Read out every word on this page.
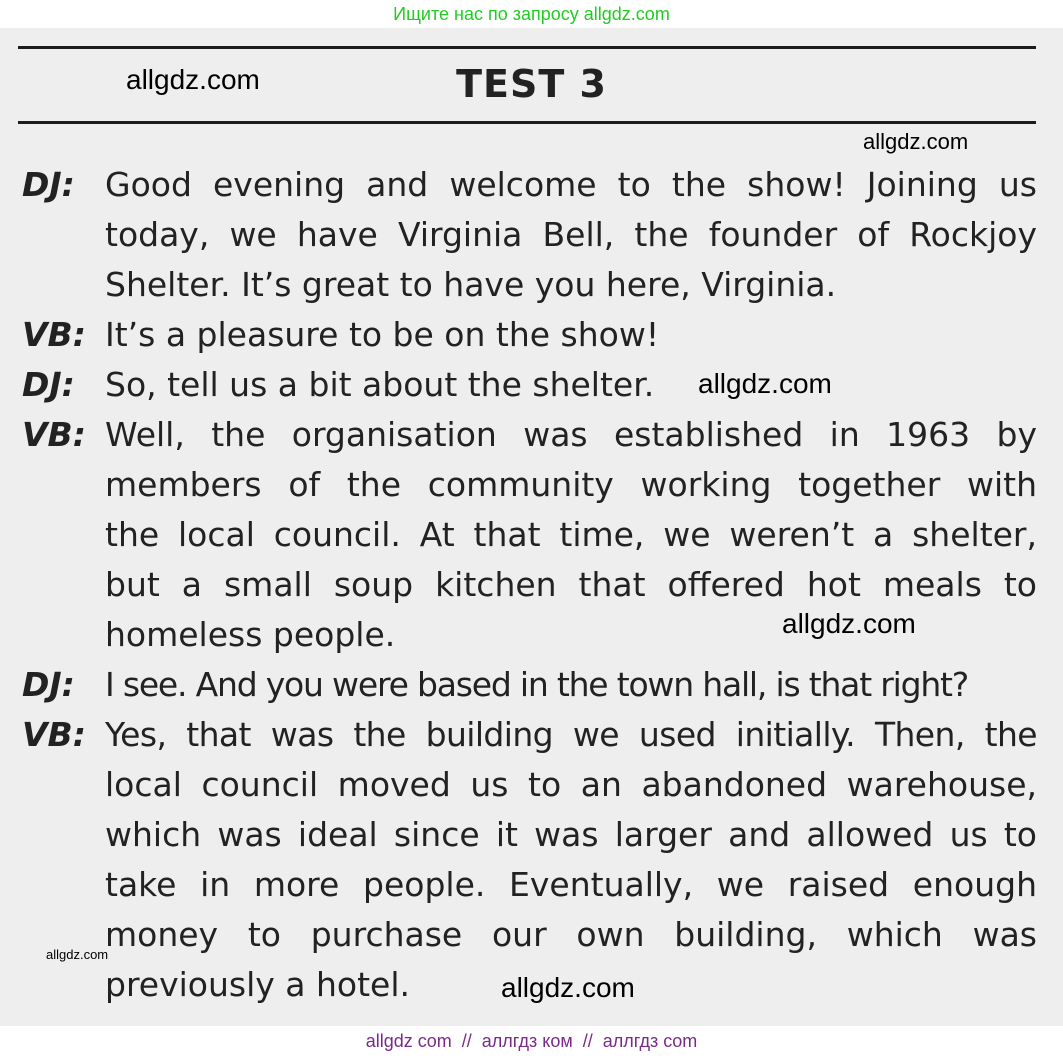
Ищите нас по запросу allgdz.com
TEST 3
allgdz.com
allgdz.com
DJ: Good evening and welcome to the show! Joining us
today, we have Virginia Bell, the founder of Rockjoy
Shelter. It’s great to have you here, Virginia.
VB: It’s a pleasure to be on the show!
DJ: So, tell us a bit about the shelter.
VB: Well, the organisation was established in 1963 by
members of the community working together with
the local council. At that time, we weren’t a shelter,
but a small soup kitchen that offered hot meals to
homeless people.
DJ: I see. And you were based in the town hall, is that right?
VB: Yes, that was the building we used initially. Then, the
local council moved us to an abandoned warehouse,
which was ideal since it was larger and allowed us to
take in more people. Eventually, we raised enough
money to purchase our own building, which was
previously a hotel.
allgdz.com
allgdz.com
allgdz.com
allgdz.com
allgdz com  //  аллгдз ком  //  аллгдз com
